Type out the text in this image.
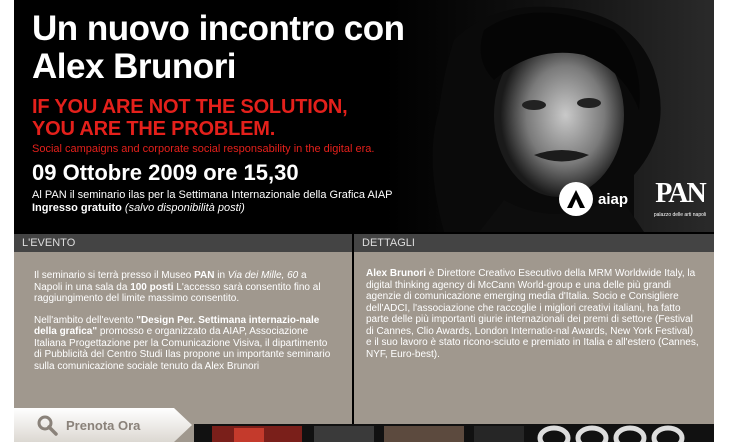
Un nuovo incontro con
Alex Brunori
IF YOU ARE NOT THE SOLUTION,
YOU ARE THE PROBLEM.
Social campaigns and corporate social responsability in the digital era.
09 Ottobre 2009 ore 15,30
Al PAN il seminario ilas per la Settimana Internazionale della Grafica AIAP
Ingresso gratuito (salvo disponibilità posti)
aiap PAN
palazzo delle arti napoli
L'EVENTO	DETTAGLI

Il seminario si terrà presso il Museo PAN in Via dei Mille, 60 a Napoli in una sala da 100 posti L'accesso sarà consentito fino al raggiungimento del limite massimo consentito.

Nell'ambito dell'evento "Design Per. Settimana internazio-nale della grafica" promosso e organizzato da AIAP, Associazione Italiana Progettazione per la Comunicazione Visiva, il dipartimento di Pubblicità del Centro Studi Ilas propone un importante seminario sulla comunicazione sociale tenuto da Alex Brunori

Alex Brunori è Direttore Creativo Esecutivo della MRM Worldwide Italy, la digital thinking agency di McCann World-group e una delle più grandi agenzie di comunicazione emerging media d'Italia. Socio e Consigliere dell'ADCI, l'associazione che raccoglie i migliori creativi italiani, ha fatto parte delle più importanti giurie internazionali dei premi di settore (Festival di Cannes, Clio Awards, London Internatio-nal Awards, New York Festival) e il suo lavoro è stato ricono-sciuto e premiato in Italia e all'estero (Cannes, NYF, Euro-best).

Prenota Ora
